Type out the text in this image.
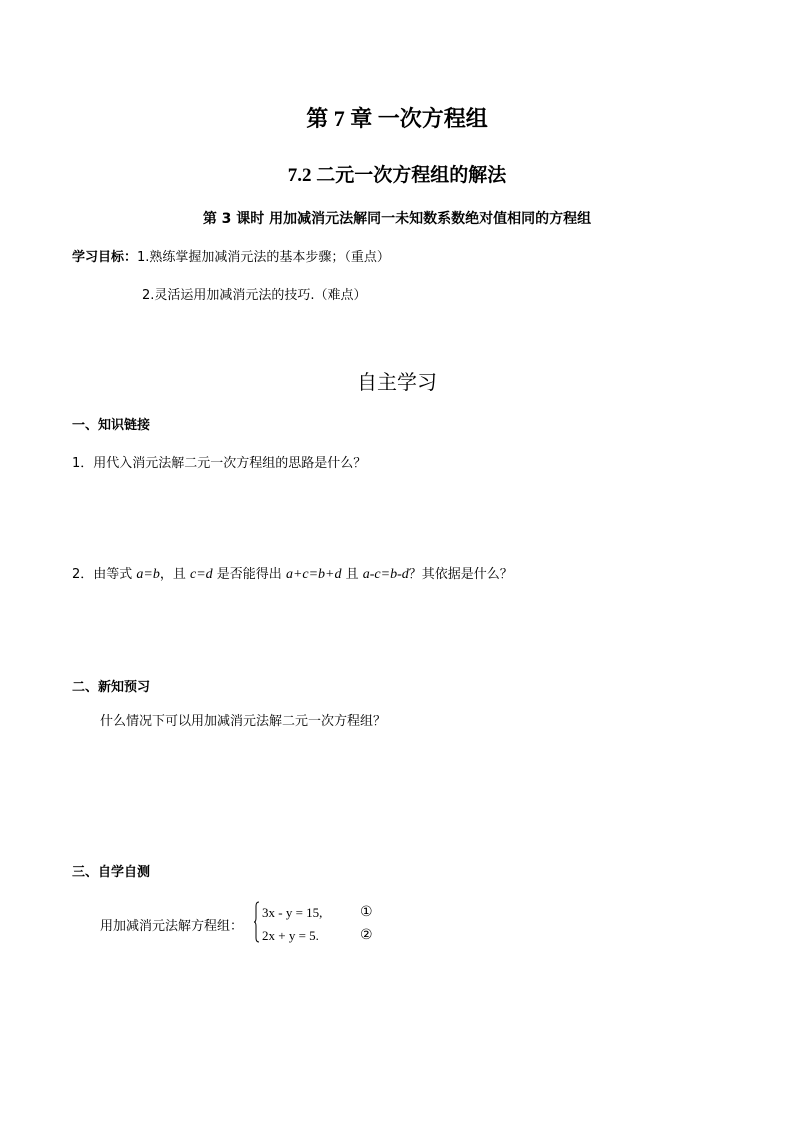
第 7 章 一次方程组
7.2 二元一次方程组的解法
第 3 课时 用加减消元法解同一未知数系数绝对值相同的方程组
学习目标：1.熟练掌握加减消元法的基本步骤；（重点）
2.灵活运用加减消元法的技巧.（难点）
自主学习
一、知识链接
1．用代入消元法解二元一次方程组的思路是什么？
2．由等式 a=b，且 c=d 是否能得出 a+c=b+d 且 a-c=b-d？其依据是什么？
二、新知预习
什么情况下可以用加减消元法解二元一次方程组？
三、自学自测
用加减消元法解方程组：
3x - y = 15,	①
2x + y = 5.	②
